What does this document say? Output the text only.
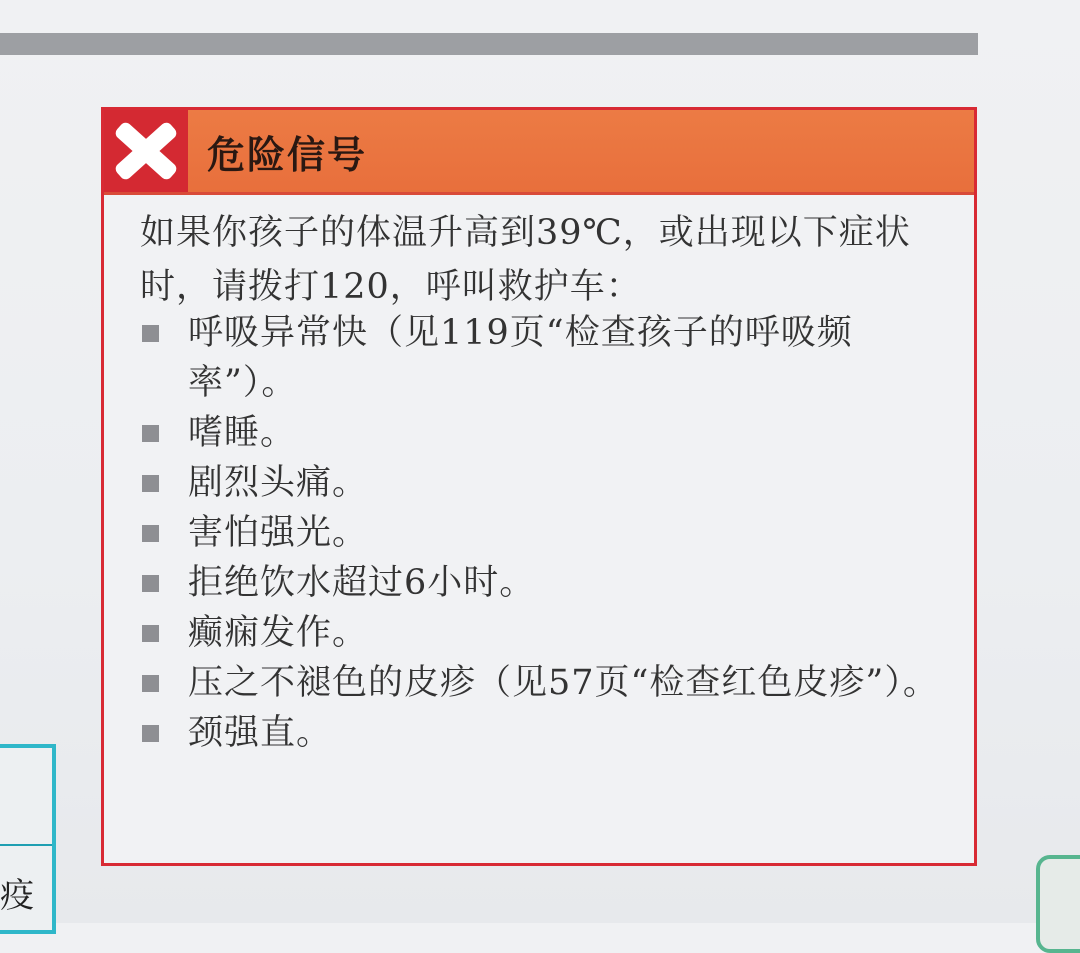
疫
危险信号

如果你孩子的体温升高到39℃，或出现以下症状时，请拨打120，呼叫救护车：

呼吸异常快（见119页“检查孩子的呼吸频率”）。
嗜睡。
剧烈头痛。
害怕强光。
拒绝饮水超过6小时。
癫痫发作。
压之不褪色的皮疹（见57页“检查红色皮疹”）。
颈强直。
